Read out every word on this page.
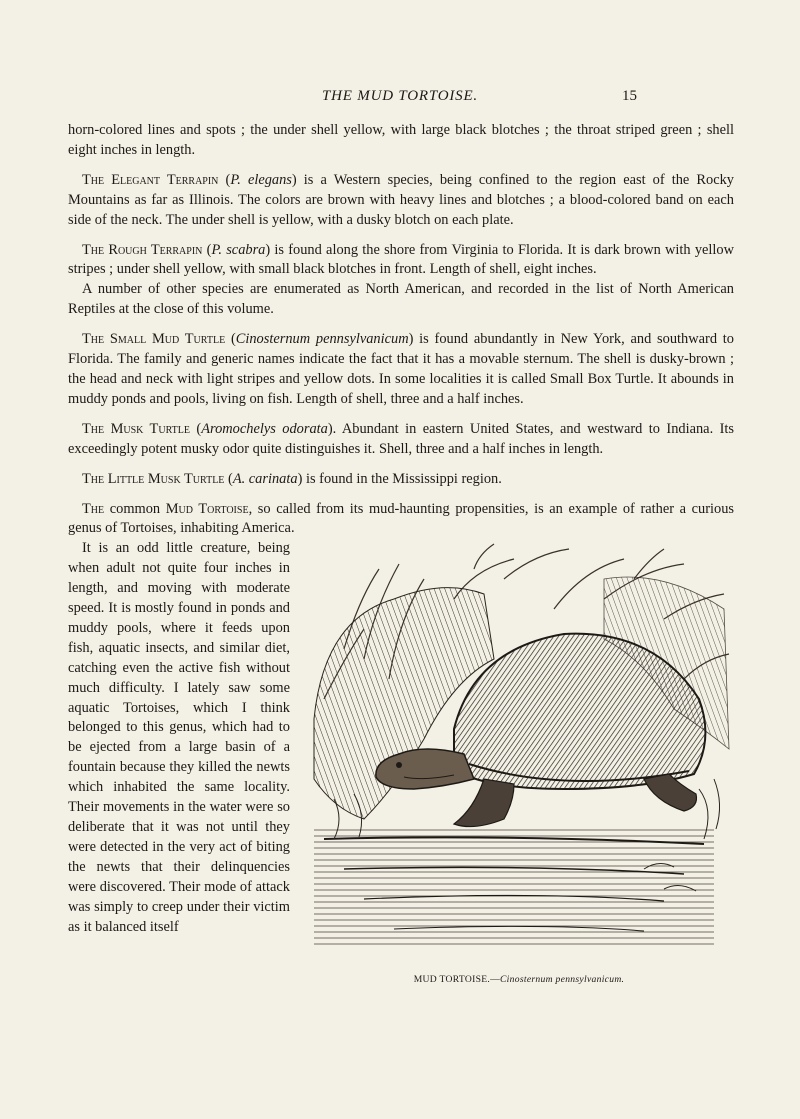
THE MUD TORTOISE.	15

horn-colored lines and spots ; the under shell yellow, with large black blotches ; the throat striped green ; shell eight inches in length.

The Elegant Terrapin (P. elegans) is a Western species, being confined to the region east of the Rocky Mountains as far as Illinois. The colors are brown with heavy lines and blotches ; a blood-colored band on each side of the neck. The under shell is yellow, with a dusky blotch on each plate.

The Rough Terrapin (P. scabra) is found along the shore from Virginia to Florida. It is dark brown with yellow stripes ; under shell yellow, with small black blotches in front. Length of shell, eight inches.

A number of other species are enumerated as North American, and recorded in the list of North American Reptiles at the close of this volume.

The Small Mud Turtle (Cinosternum pennsylvanicum) is found abundantly in New York, and southward to Florida. The family and generic names indicate the fact that it has a movable sternum. The shell is dusky-brown ; the head and neck with light stripes and yellow dots. In some localities it is called Small Box Turtle. It abounds in muddy ponds and pools, living on fish. Length of shell, three and a half inches.

The Musk Turtle (Aromochelys odorata). Abundant in eastern United States, and westward to Indiana. Its exceedingly potent musky odor quite distinguishes it. Shell, three and a half inches in length.

The Little Musk Turtle (A. carinata) is found in the Mississippi region.

The common Mud Tortoise, so called from its mud-haunting propensities, is an example of rather a curious genus of Tortoises, inhabiting America.

MUD TORTOISE.—Cinosternum pennsylvanicum.

It is an odd little creature, being when adult not quite four inches in length, and moving with moderate speed. It is mostly found in ponds and muddy pools, where it feeds upon fish, aquatic insects, and similar diet, catching even the active fish without much difficulty. I lately saw some aquatic Tortoises, which I think belonged to this genus, which had to be ejected from a large basin of a fountain because they killed the newts which inhabited the same locality. Their movements in the water were so deliberate that it was not until they were detected in the very act of biting the newts that their delinquencies were discovered. Their mode of attack was simply to creep under their victim as it balanced itself
